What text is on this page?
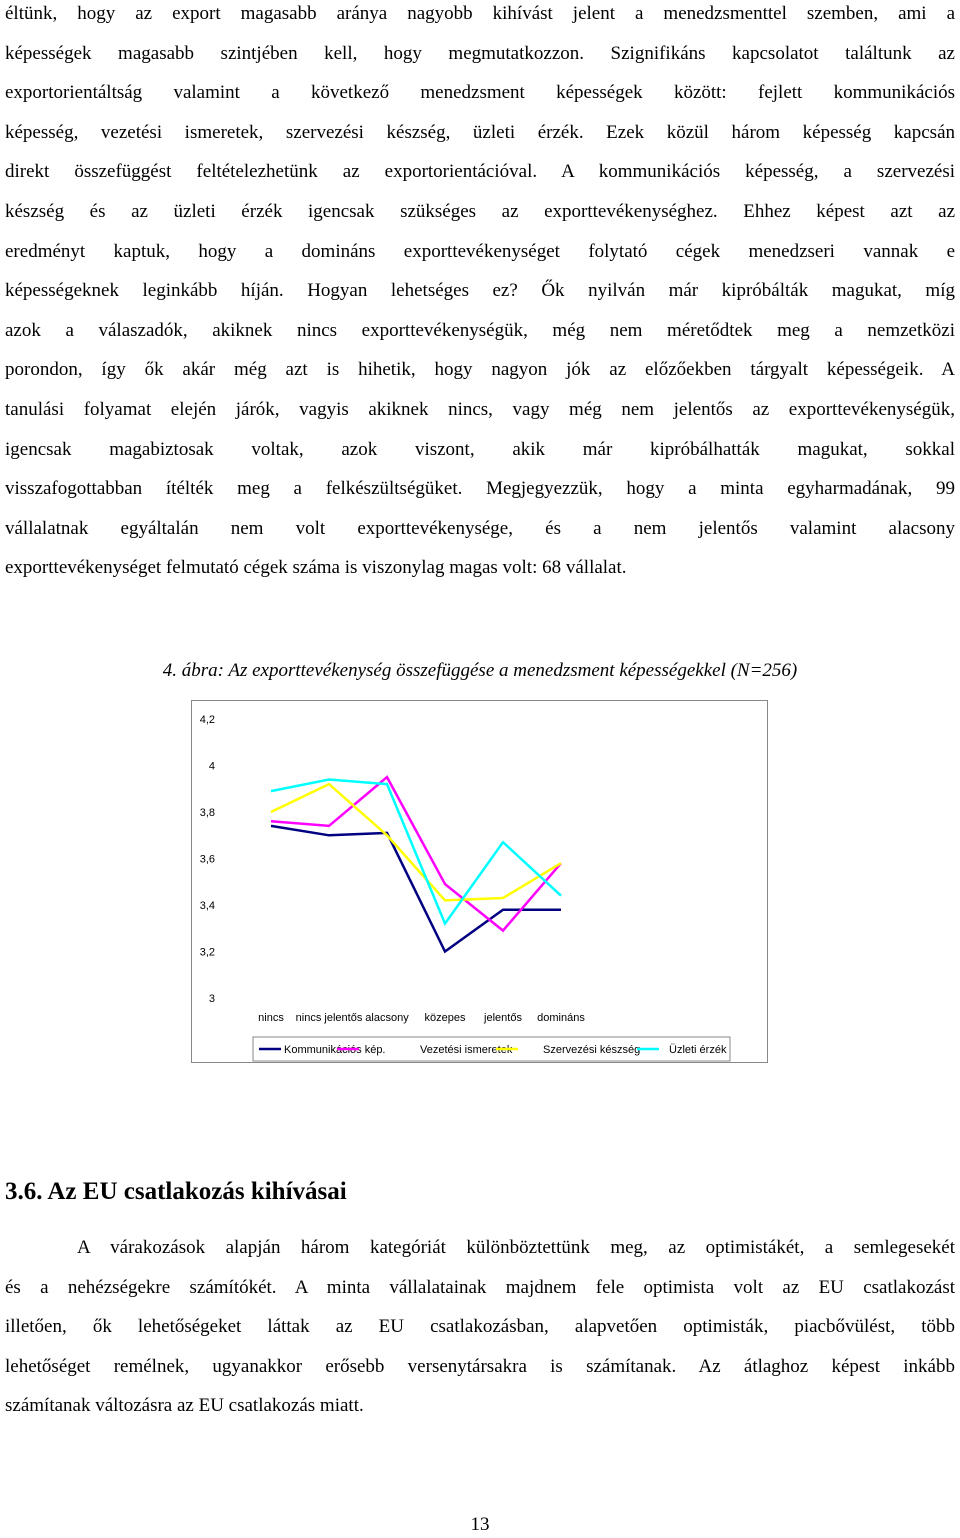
éltünk, hogy az export magasabb aránya nagyobb kihívást jelent a menedzsmenttel szemben, ami a
képességek magasabb szintjében kell, hogy megmutatkozzon. Szignifikáns kapcsolatot találtunk az
exportorientáltság valamint a következő menedzsment képességek között: fejlett kommunikációs
képesség, vezetési ismeretek, szervezési készség, üzleti érzék. Ezek közül három képesség kapcsán
direkt összefüggést feltételezhetünk az exportorientációval. A kommunikációs képesség, a szervezési
készség és az üzleti érzék igencsak szükséges az exporttevékenységhez. Ehhez képest azt az
eredményt kaptuk, hogy a domináns exporttevékenységet folytató cégek menedzseri vannak e
képességeknek leginkább híján. Hogyan lehetséges ez? Ők nyilván már kipróbálták magukat, míg
azok a válaszadók, akiknek nincs exporttevékenységük, még nem méretődtek meg a nemzetközi
porondon, így ők akár még azt is hihetik, hogy nagyon jók az előzőekben tárgyalt képességeik. A
tanulási folyamat elején járók, vagyis akiknek nincs, vagy még nem jelentős az exporttevékenységük,
igencsak magabiztosak voltak, azok viszont, akik már kipróbálhatták magukat, sokkal
visszafogottabban ítélték meg a felkészültségüket. Megjegyezzük, hogy a minta egyharmadának, 99
vállalatnak egyáltalán nem volt exporttevékenysége, és a nem jelentős valamint alacsony
exporttevékenységet felmutató cégek száma is viszonylag magas volt: 68 vállalat.
4. ábra: Az exporttevékenység összefüggése a menedzsment képességekkel (N=256)
3
3,2
3,4
3,6
3,8
4
4,2
nincs nincs jelentős alacsony közepes jelentős domináns
Kommunikációs kép.	Vezetési ismeretek	Szervezési készség	Üzleti érzék
3.6. Az EU csatlakozás kihívásai
A várakozások alapján három kategóriát különböztettünk meg, az optimistákét, a semlegesekét
és a nehézségekre számítókét. A minta vállalatainak majdnem fele optimista volt az EU csatlakozást
illetően, ők lehetőségeket láttak az EU csatlakozásban, alapvetően optimisták, piacbővülést, több
lehetőséget remélnek, ugyanakkor erősebb versenytársakra is számítanak. Az átlaghoz képest inkább
számítanak változásra az EU csatlakozás miatt.
13
